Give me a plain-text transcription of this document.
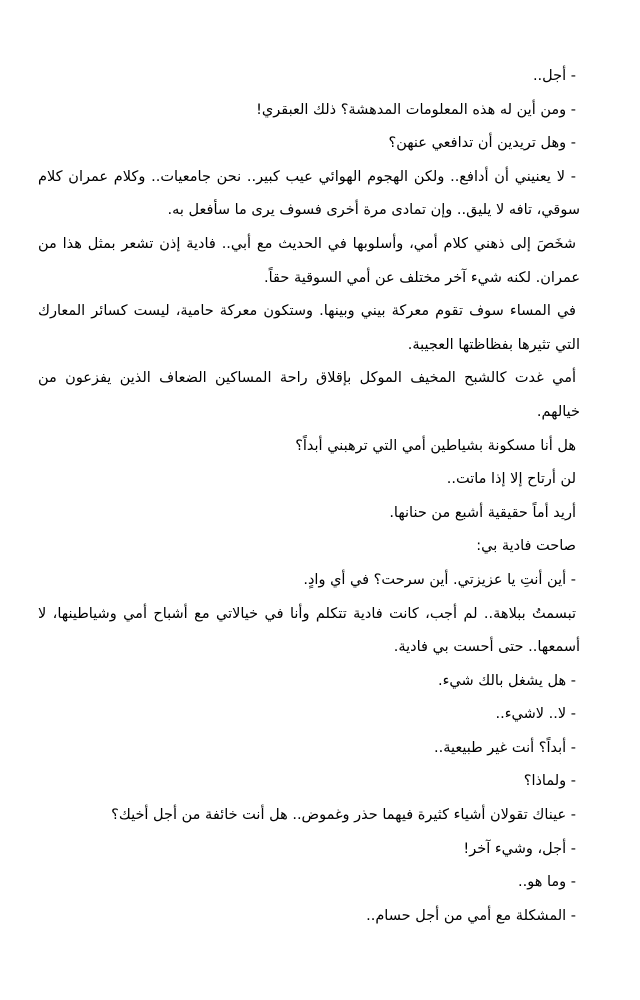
- أجل..

- ومن أين له هذه المعلومات المدهشة؟ ذلك العبقري!

- وهل تريدين أن تدافعي عنهن؟

- لا يعنيني أن أدافع.. ولكن الهجوم الهوائي عيب كبير.. نحن جامعيات.. وكلام عمران كلام سوقي، تافه لا يليق.. وإن تمادى مرة أخرى فسوف يرى ما سأفعل به.

شخَصَ إلى ذهني كلام أمي، وأسلوبها في الحديث مع أبي.. فادية إذن تشعر بمثل هذا من عمران. لكنه شيء آخر مختلف عن أمي السوقية حقاً.

في المساء سوف تقوم معركة بيني وبينها. وستكون معركة حامية، ليست كسائر المعارك التي تثيرها بفظاظتها العجيبة.

أمي غدت كالشبح المخيف الموكل بإقلاق راحة المساكين الضعاف الذين يفزعون من خيالهم.

هل أنا مسكونة بشياطين أمي التي ترهبني أبداً؟

لن أرتاح إلا إذا ماتت..

أريد أماً حقيقية أشبع من حنانها.

صاحت فادية بي:

- أين أنتِ يا عزيزتي. أين سرحت؟ في أي وادٍ.

تبسمتُ ببلاهة.. لم أجب، كانت فادية تتكلم وأنا في خيالاتي مع أشباح أمي وشياطينها، لا أسمعها.. حتى أحست بي فادية.

- هل يشغل بالك شيء.

- لا.. لاشيء..

- أبداً؟ أنت غير طبيعية..

- ولماذا؟

- عيناك تقولان أشياء كثيرة فيهما حذر وغموض.. هل أنت خائفة من أجل أخيك؟

- أجل، وشيء آخر!

- وما هو..

- المشكلة مع أمي من أجل حسام..
